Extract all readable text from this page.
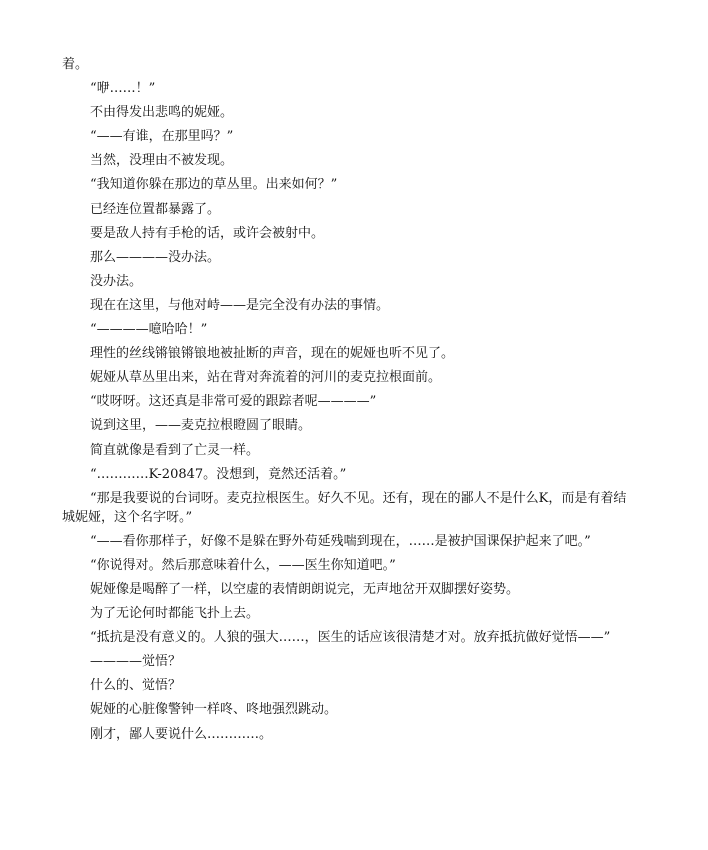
着。

“咿……！”

不由得发出悲鸣的妮娅。

“——有谁，在那里吗？”

当然，没理由不被发现。

“我知道你躲在那边的草丛里。出来如何？”

已经连位置都暴露了。

要是敌人持有手枪的话，或许会被射中。

那么————没办法。

没办法。

现在在这里，与他对峙——是完全没有办法的事情。

“————噫哈哈！”

理性的丝线锵锒锵锒地被扯断的声音，现在的妮娅也听不见了。

妮娅从草丛里出来，站在背对奔流着的河川的麦克拉根面前。

“哎呀呀。这还真是非常可爱的跟踪者呢————”

说到这里，——麦克拉根瞪圆了眼睛。

简直就像是看到了亡灵一样。

“…………K-20847。没想到，竟然还活着。”

“那是我要说的台词呀。麦克拉根医生。好久不见。还有，现在的鄙人不是什么K，而是有着结城妮娅，这个名字呀。”

“——看你那样子，好像不是躲在野外苟延残喘到现在，……是被护国课保护起来了吧。”

“你说得对。然后那意味着什么，——医生你知道吧。”

妮娅像是喝醉了一样，以空虚的表情朗朗说完，无声地岔开双脚摆好姿势。

为了无论何时都能飞扑上去。

“抵抗是没有意义的。人狼的强大……，医生的话应该很清楚才对。放弃抵抗做好觉悟——”

————觉悟？

什么的、觉悟？

妮娅的心脏像警钟一样咚、咚地强烈跳动。

刚才，鄙人要说什么…………。
